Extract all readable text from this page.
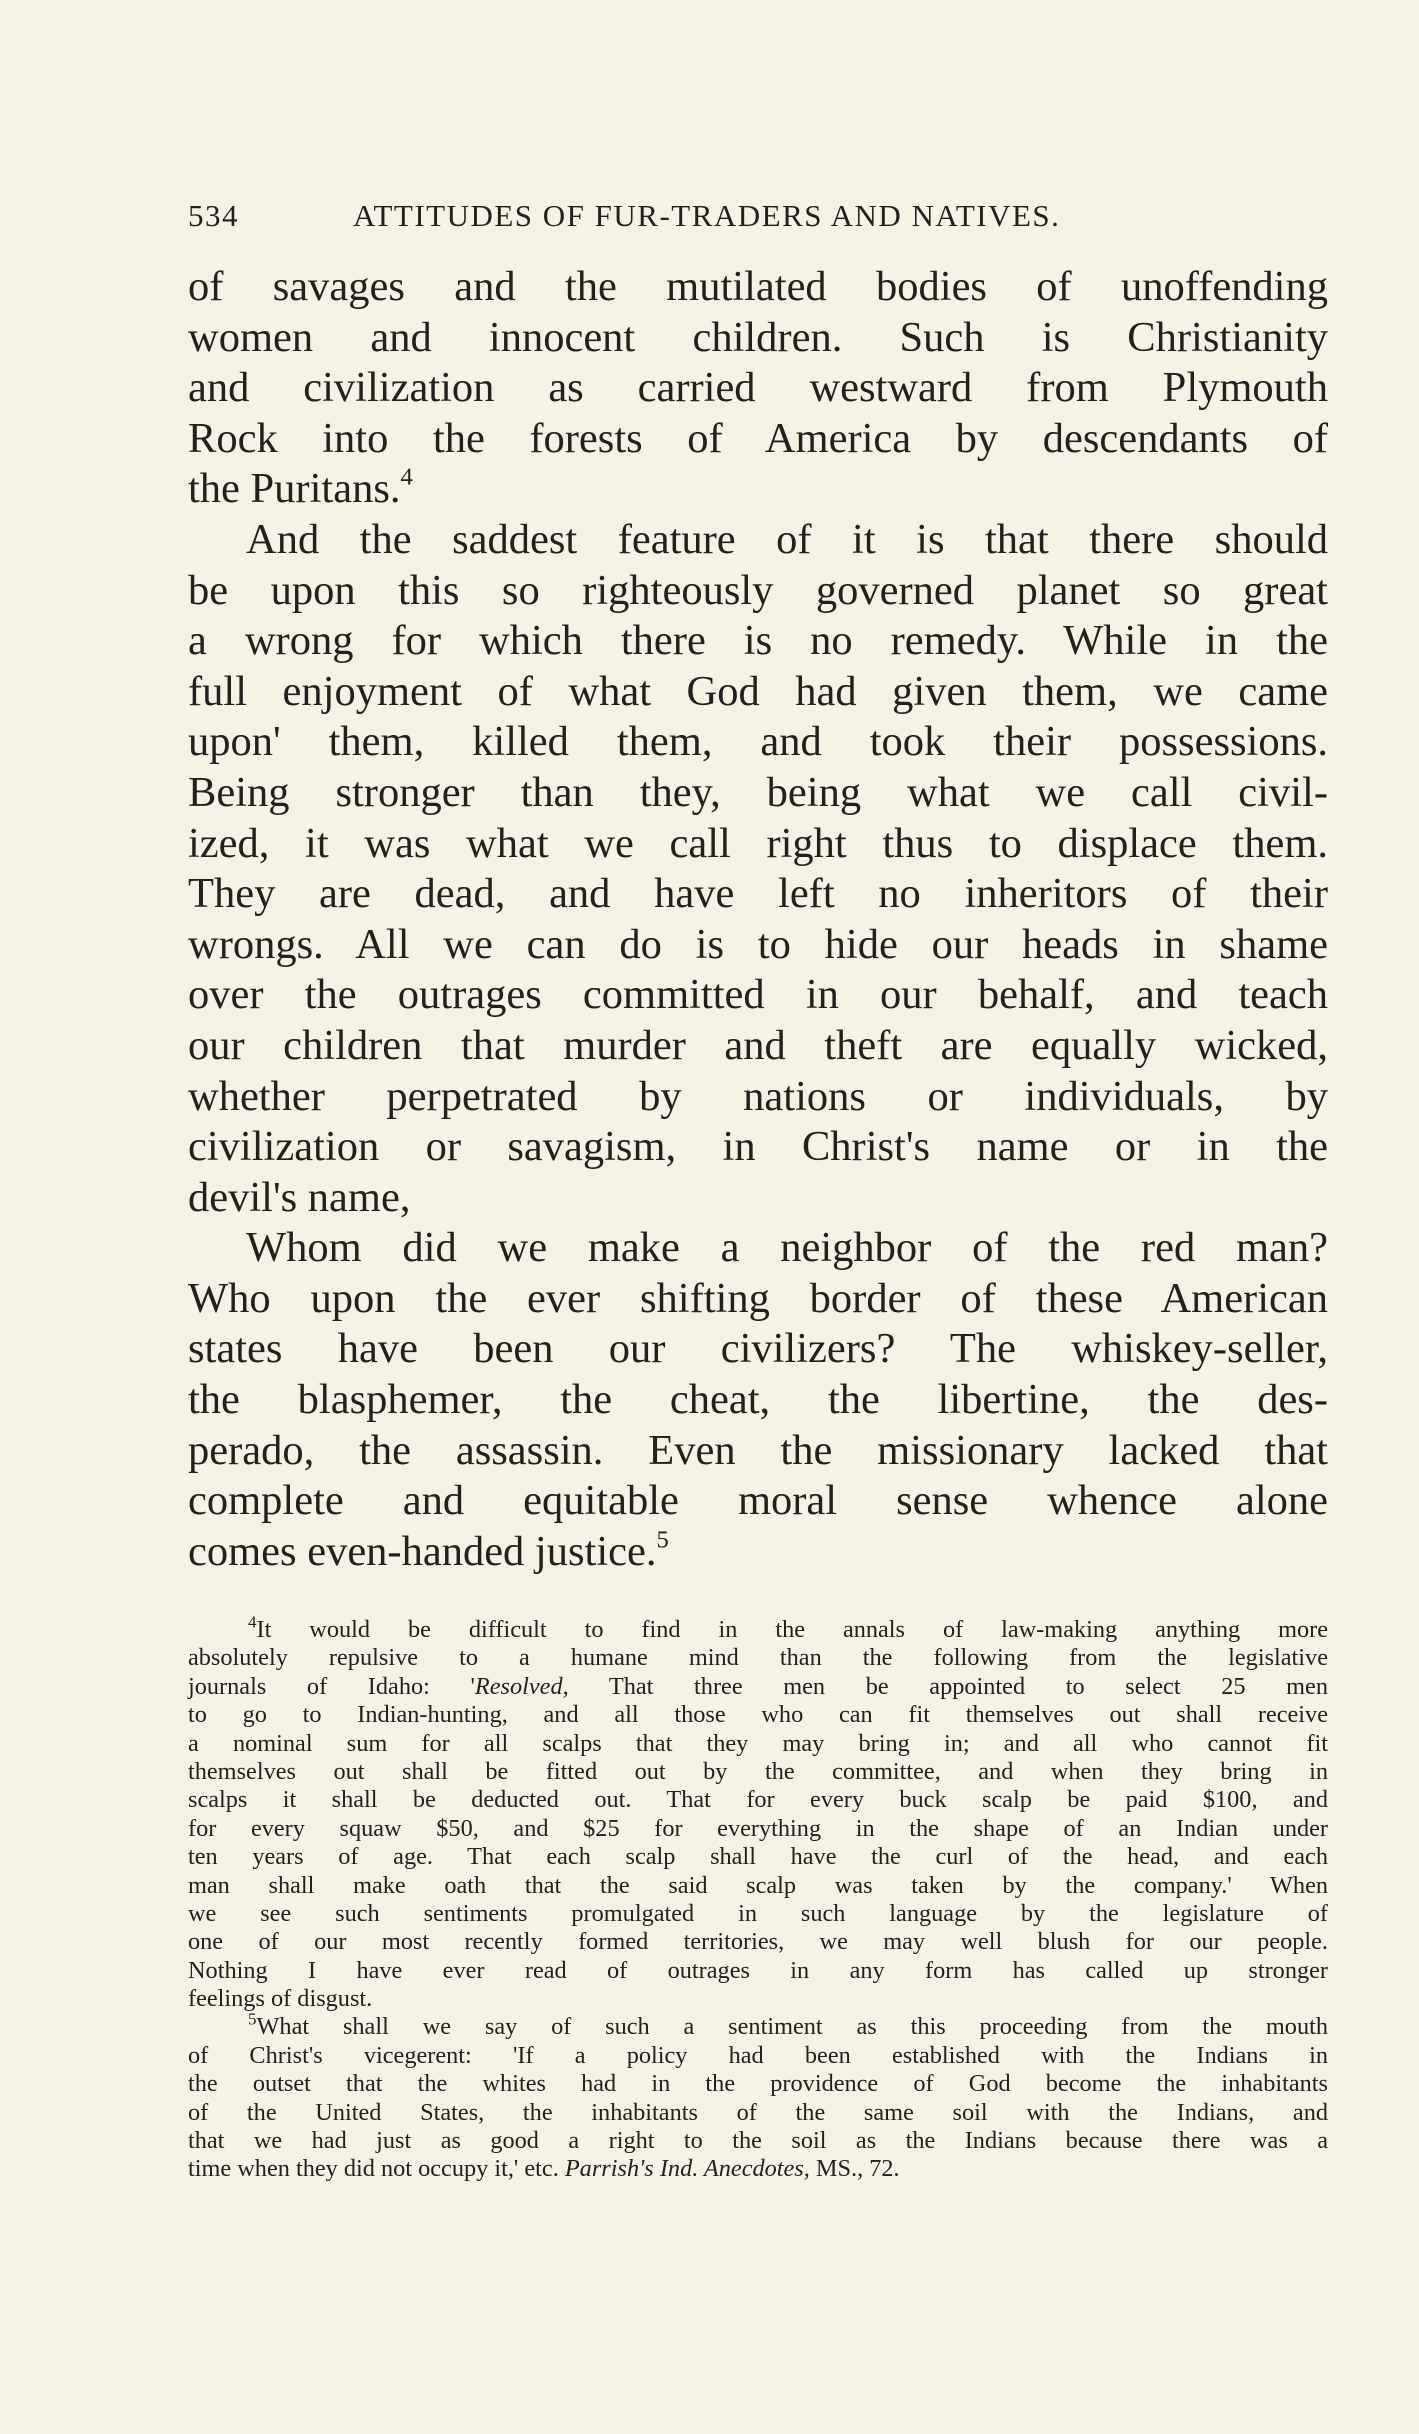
534	ATTITUDES OF FUR-TRADERS AND NATIVES.
of savages and the mutilated bodies of unoffending
women and innocent children. Such is Christianity
and civilization as carried westward from Plymouth
Rock into the forests of America by descendants of
the Puritans.$^4$
And the saddest feature of it is that there should
be upon this so righteously governed planet so great
a wrong for which there is no remedy. While in the
full enjoyment of what God had given them, we came
upon' them, killed them, and took their possessions.
Being stronger than they, being what we call civil-
ized, it was what we call right thus to displace them.
They are dead, and have left no inheritors of their
wrongs. All we can do is to hide our heads in shame
over the outrages committed in our behalf, and teach
our children that murder and theft are equally wicked,
whether perpetrated by nations or individuals, by
civilization or savagism, in Christ's name or in the
devil's name,
Whom did we make a neighbor of the red man?
Who upon the ever shifting border of these American
states have been our civilizers? The whiskey-seller,
the blasphemer, the cheat, the libertine, the des-
perado, the assassin. Even the missionary lacked that
complete and equitable moral sense whence alone
comes even-handed justice.$^5$
$^4$It would be difficult to find in the annals of law-making anything more
absolutely repulsive to a humane mind than the following from the legislative
journals of Idaho: 'Resolved, That three men be appointed to select 25 men
to go to Indian-hunting, and all those who can fit themselves out shall receive
a nominal sum for all scalps that they may bring in; and all who cannot fit
themselves out shall be fitted out by the committee, and when they bring in
scalps it shall be deducted out. That for every buck scalp be paid $100, and
for every squaw $50, and $25 for everything in the shape of an Indian under
ten years of age. That each scalp shall have the curl of the head, and each
man shall make oath that the said scalp was taken by the company.' When
we see such sentiments promulgated in such language by the legislature of
one of our most recently formed territories, we may well blush for our people.
Nothing I have ever read of outrages in any form has called up stronger
feelings of disgust.
$^5$What shall we say of such a sentiment as this proceeding from the mouth
of Christ's vicegerent: 'If a policy had been established with the Indians in
the outset that the whites had in the providence of God become the inhabitants
of the United States, the inhabitants of the same soil with the Indians, and
that we had just as good a right to the soil as the Indians because there was a
time when they did not occupy it,' etc. Parrish's Ind. Anecdotes, MS., 72.
